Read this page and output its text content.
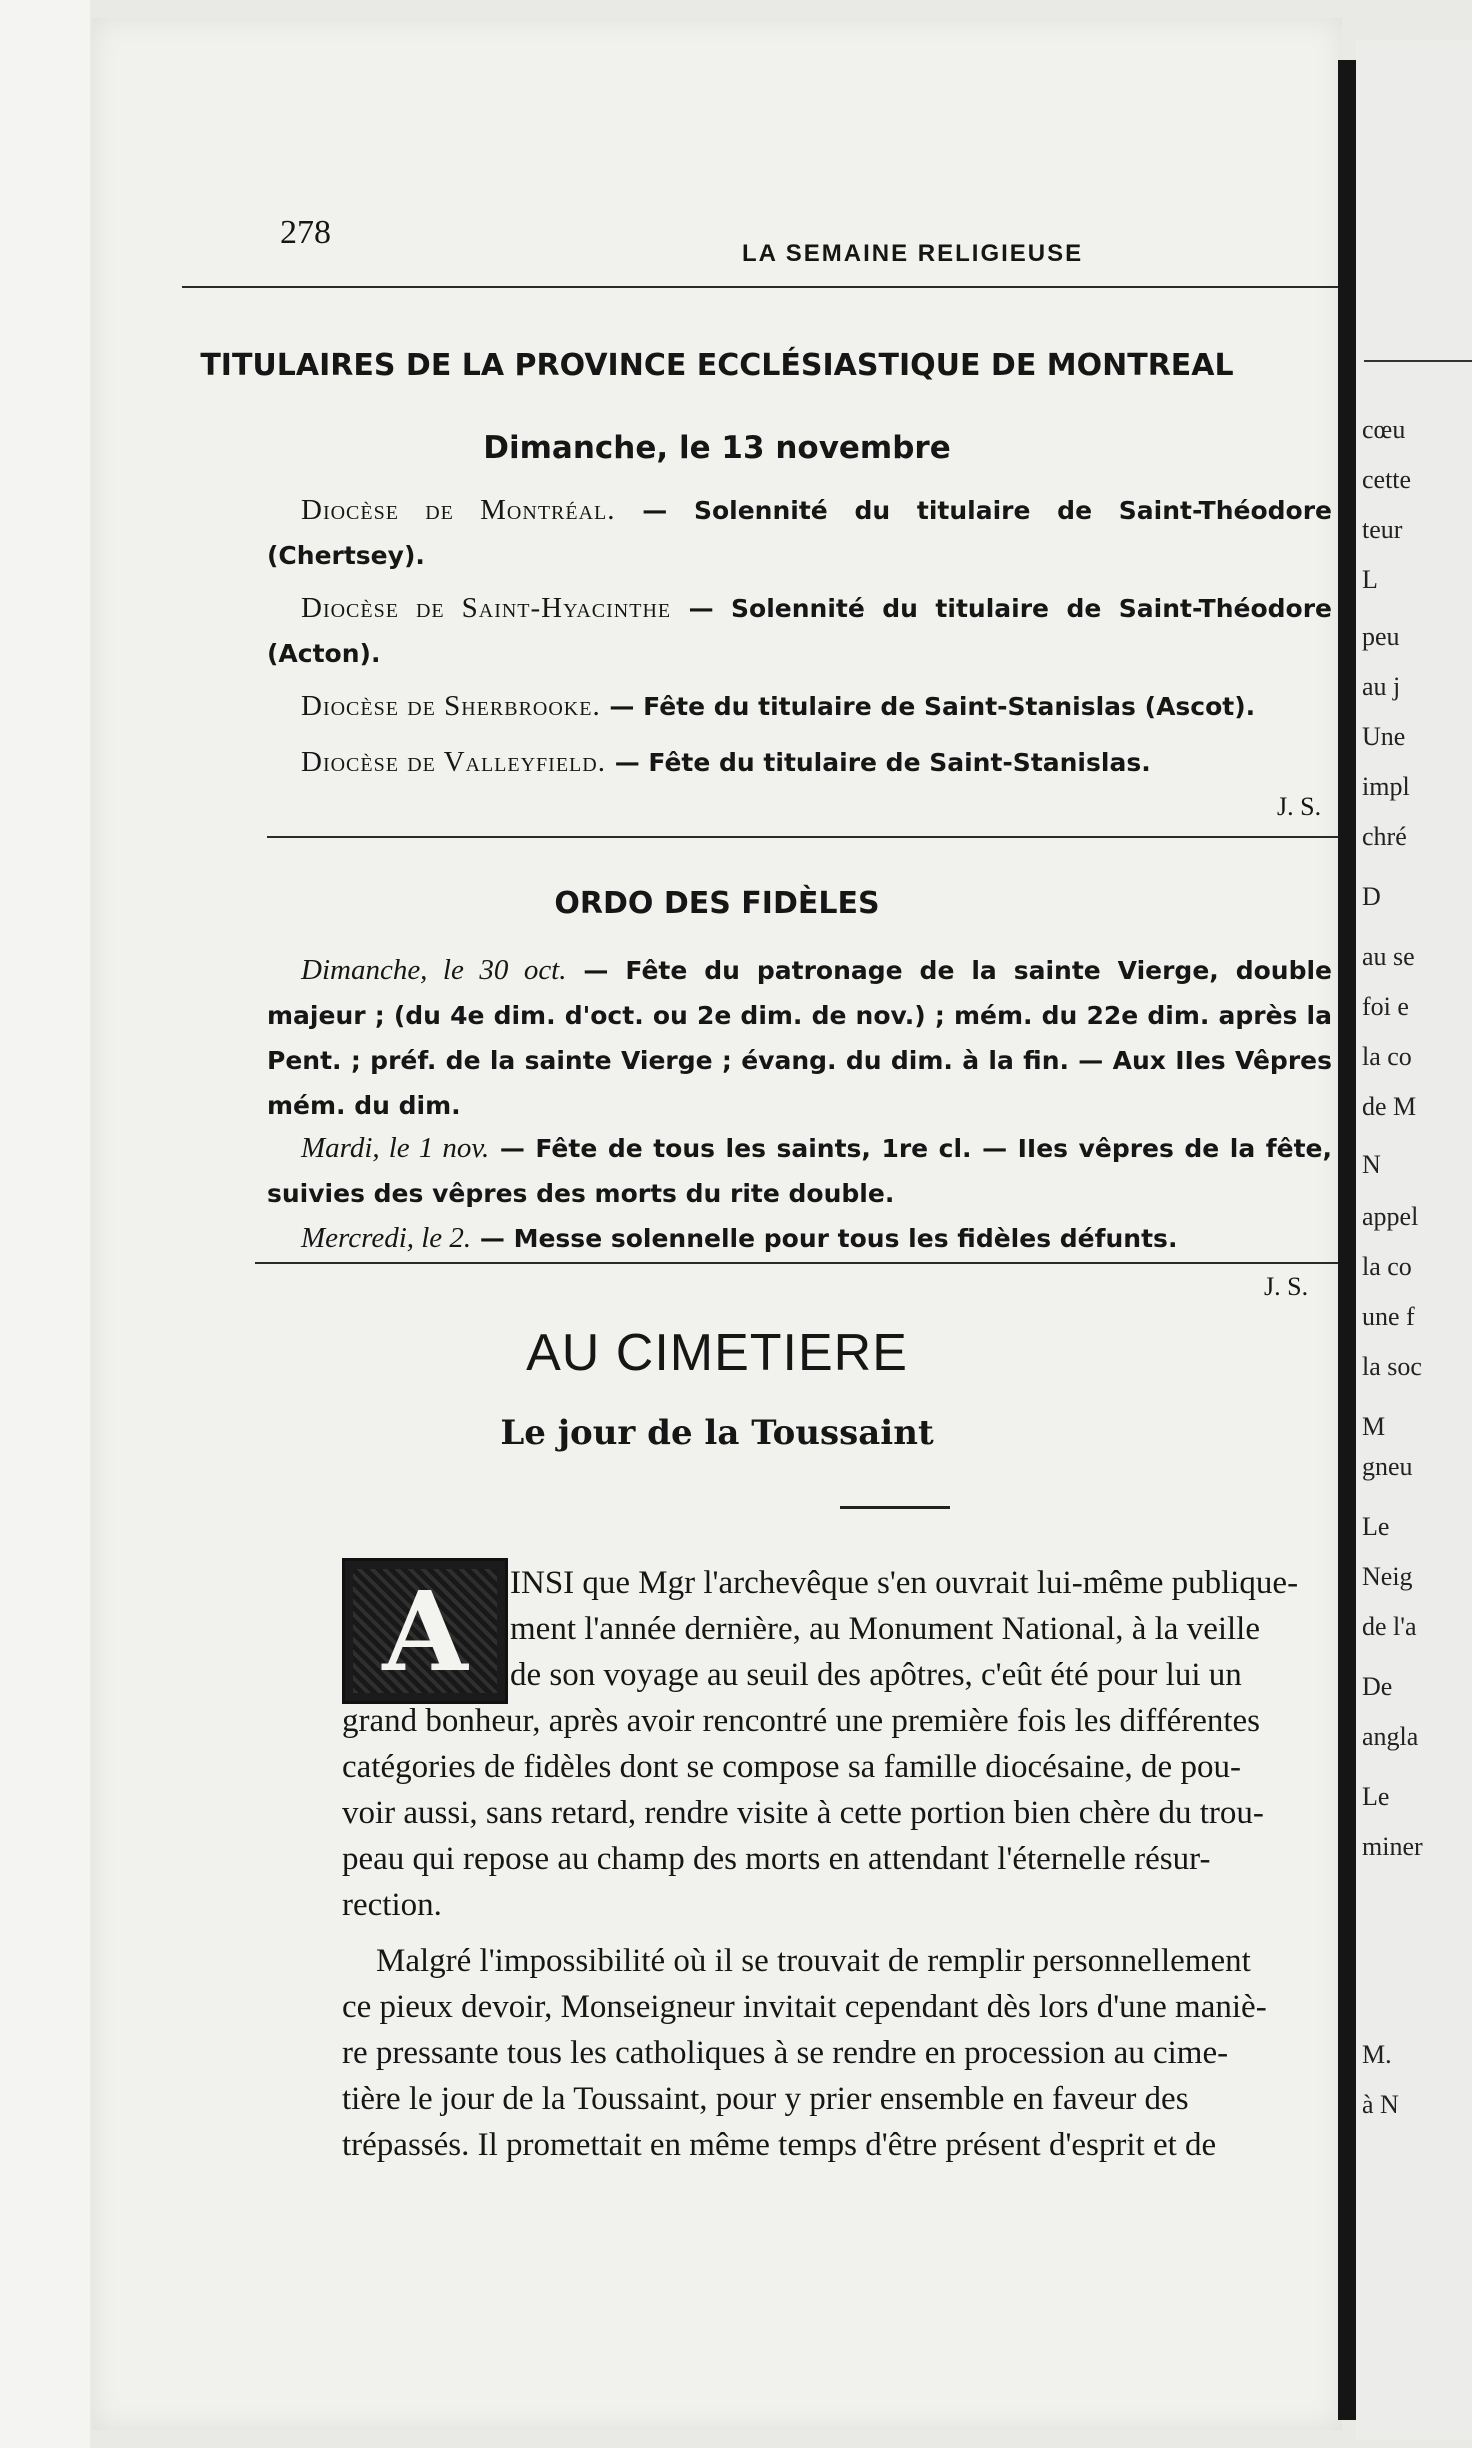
278
LA SEMAINE RELIGIEUSE
TITULAIRES DE LA PROVINCE ECCLÉSIASTIQUE DE MONTREAL
Dimanche, le 13 novembre
Diocèse de Montréal. — Solennité du titulaire de Saint-Théodore (Chertsey).
Diocèse de Saint-Hyacinthe — Solennité du titulaire de Saint-Théodore (Acton).
Diocèse de Sherbrooke. — Fête du titulaire de Saint-Stanislas (Ascot).
Diocèse de Valleyfield. — Fête du titulaire de Saint-Stanislas.
J. S.
ORDO DES FIDÈLES
Dimanche, le 30 oct. — Fête du patronage de la sainte Vierge, double majeur ; (du 4e dim. d'oct. ou 2e dim. de nov.) ; mém. du 22e dim. après la Pent. ; préf. de la sainte Vierge ; évang. du dim. à la fin. — Aux IIes Vêpres mém. du dim.
Mardi, le 1 nov. — Fête de tous les saints, 1re cl. — IIes vêpres de la fête, suivies des vêpres des morts du rite double.
Mercredi, le 2. — Messe solennelle pour tous les fidèles défunts.
J. S.
AU CIMETIERE
Le jour de la Toussaint
A	INSI que Mgr l'archevêque s'en ouvrait lui-même publique-
ment l'année dernière, au Monument National, à la veille
de son voyage au seuil des apôtres, c'eût été pour lui un
grand bonheur, après avoir rencontré une première fois les différentes
catégories de fidèles dont se compose sa famille diocésaine, de pou-
voir aussi, sans retard, rendre visite à cette portion bien chère du trou-
peau qui repose au champ des morts en attendant l'éternelle résur-
rection.
Malgré l'impossibilité où il se trouvait de remplir personnellement
ce pieux devoir, Monseigneur invitait cependant dès lors d'une maniè-
re pressante tous les catholiques à se rendre en procession au cime-
tière le jour de la Toussaint, pour y prier ensemble en faveur des
trépassés. Il promettait en même temps d'être présent d'esprit et de
cœu
cette
teur
L
peu
au j
Une
impl
chré
D
au se
foi e
la co
de M
N
appel
la co
une f
la soc
M
gneu
Le
Neig
de l'a
De
angla
Le
miner
M.
à N
